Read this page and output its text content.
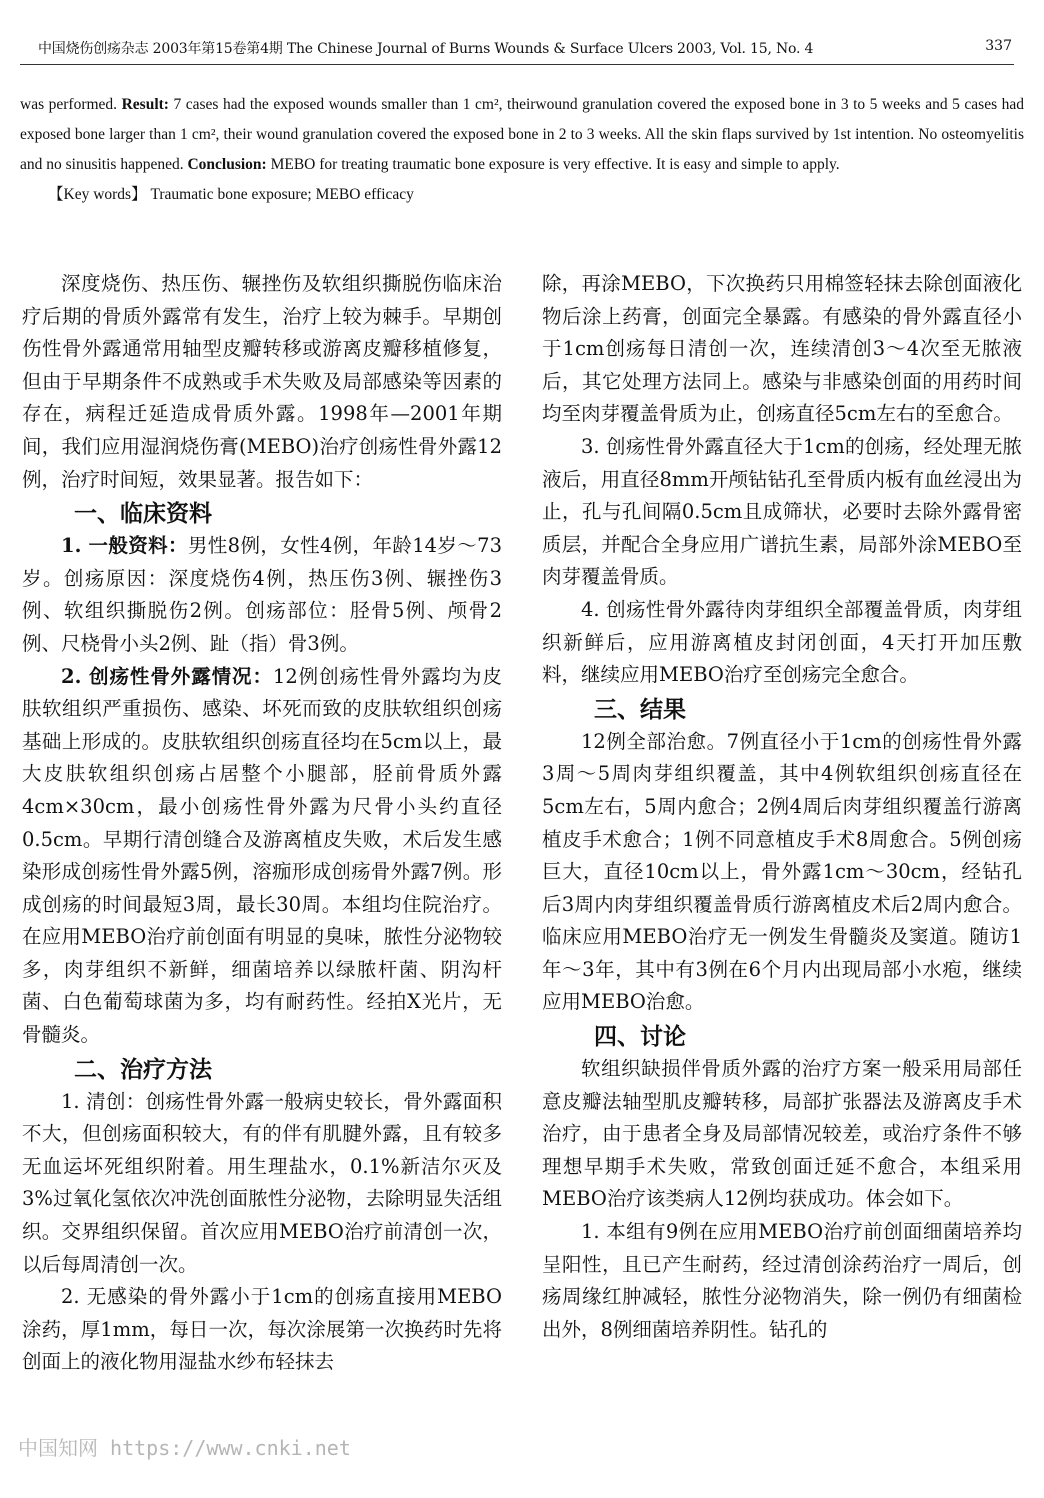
中国烧伤创疡杂志 2003年第15卷第4期 The Chinese Journal of Burns Wounds & Surface Ulcers 2003, Vol. 15, No. 4	337

was performed. Result: 7 cases had the exposed wounds smaller than 1 cm², theirwound granulation covered the exposed bone in 3 to 5 weeks and 5 cases had exposed bone larger than 1 cm², their wound granulation covered the exposed bone in 2 to 3 weeks. All the skin flaps survived by 1st intention. No osteomyelitis and no sinusitis happened. Conclusion: MEBO for treating traumatic bone exposure is very effective. It is easy and simple to apply.

【Key words】 Traumatic bone exposure; MEBO efficacy

深度烧伤、热压伤、辗挫伤及软组织撕脱伤临床治疗后期的骨质外露常有发生，治疗上较为棘手。早期创伤性骨外露通常用轴型皮瓣转移或游离皮瓣移植修复，但由于早期条件不成熟或手术失败及局部感染等因素的存在，病程迁延造成骨质外露。1998年—2001年期间，我们应用湿润烧伤膏(MEBO)治疗创疡性骨外露12例，治疗时间短，效果显著。报告如下：

一、临床资料

1. 一般资料：男性8例，女性4例，年龄14岁～73岁。创疡原因：深度烧伤4例，热压伤3例、辗挫伤3例、软组织撕脱伤2例。创疡部位：胫骨5例、颅骨2例、尺桡骨小头2例、趾（指）骨3例。

2. 创疡性骨外露情况：12例创疡性骨外露均为皮肤软组织严重损伤、感染、坏死而致的皮肤软组织创疡基础上形成的。皮肤软组织创疡直径均在5cm以上，最大皮肤软组织创疡占居整个小腿部，胫前骨质外露4cm×30cm，最小创疡性骨外露为尺骨小头约直径0.5cm。早期行清创缝合及游离植皮失败，术后发生感染形成创疡性骨外露5例，溶痂形成创疡骨外露7例。形成创疡的时间最短3周，最长30周。本组均住院治疗。在应用MEBO治疗前创面有明显的臭味，脓性分泌物较多，肉芽组织不新鲜，细菌培养以绿脓杆菌、阴沟杆菌、白色葡萄球菌为多，均有耐药性。经拍X光片，无骨髓炎。

二、治疗方法

1. 清创：创疡性骨外露一般病史较长，骨外露面积不大，但创疡面积较大，有的伴有肌腱外露，且有较多无血运坏死组织附着。用生理盐水，0.1%新洁尔灭及3%过氧化氢依次冲洗创面脓性分泌物，去除明显失活组织。交界组织保留。首次应用MEBO治疗前清创一次，以后每周清创一次。

2. 无感染的骨外露小于1cm的创疡直接用MEBO涂药，厚1mm，每日一次，每次涂展第一次换药时先将创面上的液化物用湿盐水纱布轻抹去

除，再涂MEBO，下次换药只用棉签轻抹去除创面液化物后涂上药膏，创面完全暴露。有感染的骨外露直径小于1cm创疡每日清创一次，连续清创3～4次至无脓液后，其它处理方法同上。感染与非感染创面的用药时间均至肉芽覆盖骨质为止，创疡直径5cm左右的至愈合。

3. 创疡性骨外露直径大于1cm的创疡，经处理无脓液后，用直径8mm开颅钻钻孔至骨质内板有血丝浸出为止，孔与孔间隔0.5cm且成筛状，必要时去除外露骨密质层，并配合全身应用广谱抗生素，局部外涂MEBO至肉芽覆盖骨质。

4. 创疡性骨外露待肉芽组织全部覆盖骨质，肉芽组织新鲜后，应用游离植皮封闭创面，4天打开加压敷料，继续应用MEBO治疗至创疡完全愈合。

三、结果

12例全部治愈。7例直径小于1cm的创疡性骨外露3周～5周肉芽组织覆盖，其中4例软组织创疡直径在5cm左右，5周内愈合；2例4周后肉芽组织覆盖行游离植皮手术愈合；1例不同意植皮手术8周愈合。5例创疡巨大，直径10cm以上，骨外露1cm～30cm，经钻孔后3周内肉芽组织覆盖骨质行游离植皮术后2周内愈合。临床应用MEBO治疗无一例发生骨髓炎及窦道。随访1年～3年，其中有3例在6个月内出现局部小水疱，继续应用MEBO治愈。

四、讨论

软组织缺损伴骨质外露的治疗方案一般采用局部任意皮瓣法轴型肌皮瓣转移，局部扩张器法及游离皮手术治疗，由于患者全身及局部情况较差，或治疗条件不够理想早期手术失败，常致创面迁延不愈合，本组采用MEBO治疗该类病人12例均获成功。体会如下。

1. 本组有9例在应用MEBO治疗前创面细菌培养均呈阳性，且已产生耐药，经过清创涂药治疗一周后，创疡周缘红肿减轻，脓性分泌物消失，除一例仍有细菌检出外，8例细菌培养阴性。钻孔的

中国知网 https://www.cnki.net
